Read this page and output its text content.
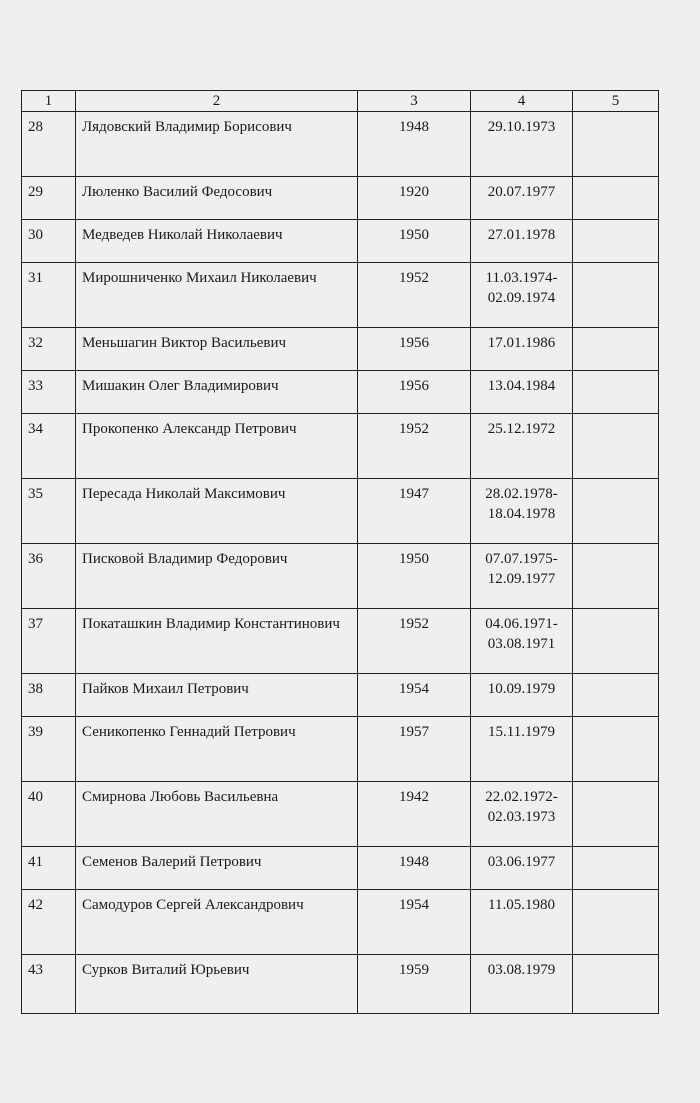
1	2	3	4	5
28	Лядовский Владимир Борисович	1948	29.10.1973	
29	Люленко Василий Федосович	1920	20.07.1977	
30	Медведев Николай Николаевич	1950	27.01.1978	
31	Мирошниченко Михаил Николаевич	1952	11.03.1974-02.09.1974	
32	Меньшагин Виктор Васильевич	1956	17.01.1986	
33	Мишакин Олег Владимирович	1956	13.04.1984	
34	Прокопенко Александр Петрович	1952	25.12.1972	
35	Пересада Николай Максимович	1947	28.02.1978-18.04.1978	
36	Писковой Владимир Федорович	1950	07.07.1975-12.09.1977	
37	Покаташкин Владимир Константинович	1952	04.06.1971-03.08.1971	
38	Пайков Михаил Петрович	1954	10.09.1979	
39	Сеникопенко Геннадий Петрович	1957	15.11.1979	
40	Смирнова Любовь Васильевна	1942	22.02.1972-02.03.1973	
41	Семенов Валерий Петрович	1948	03.06.1977	
42	Самодуров Сергей Александрович	1954	11.05.1980	
43	Сурков Виталий Юрьевич	1959	03.08.1979	
